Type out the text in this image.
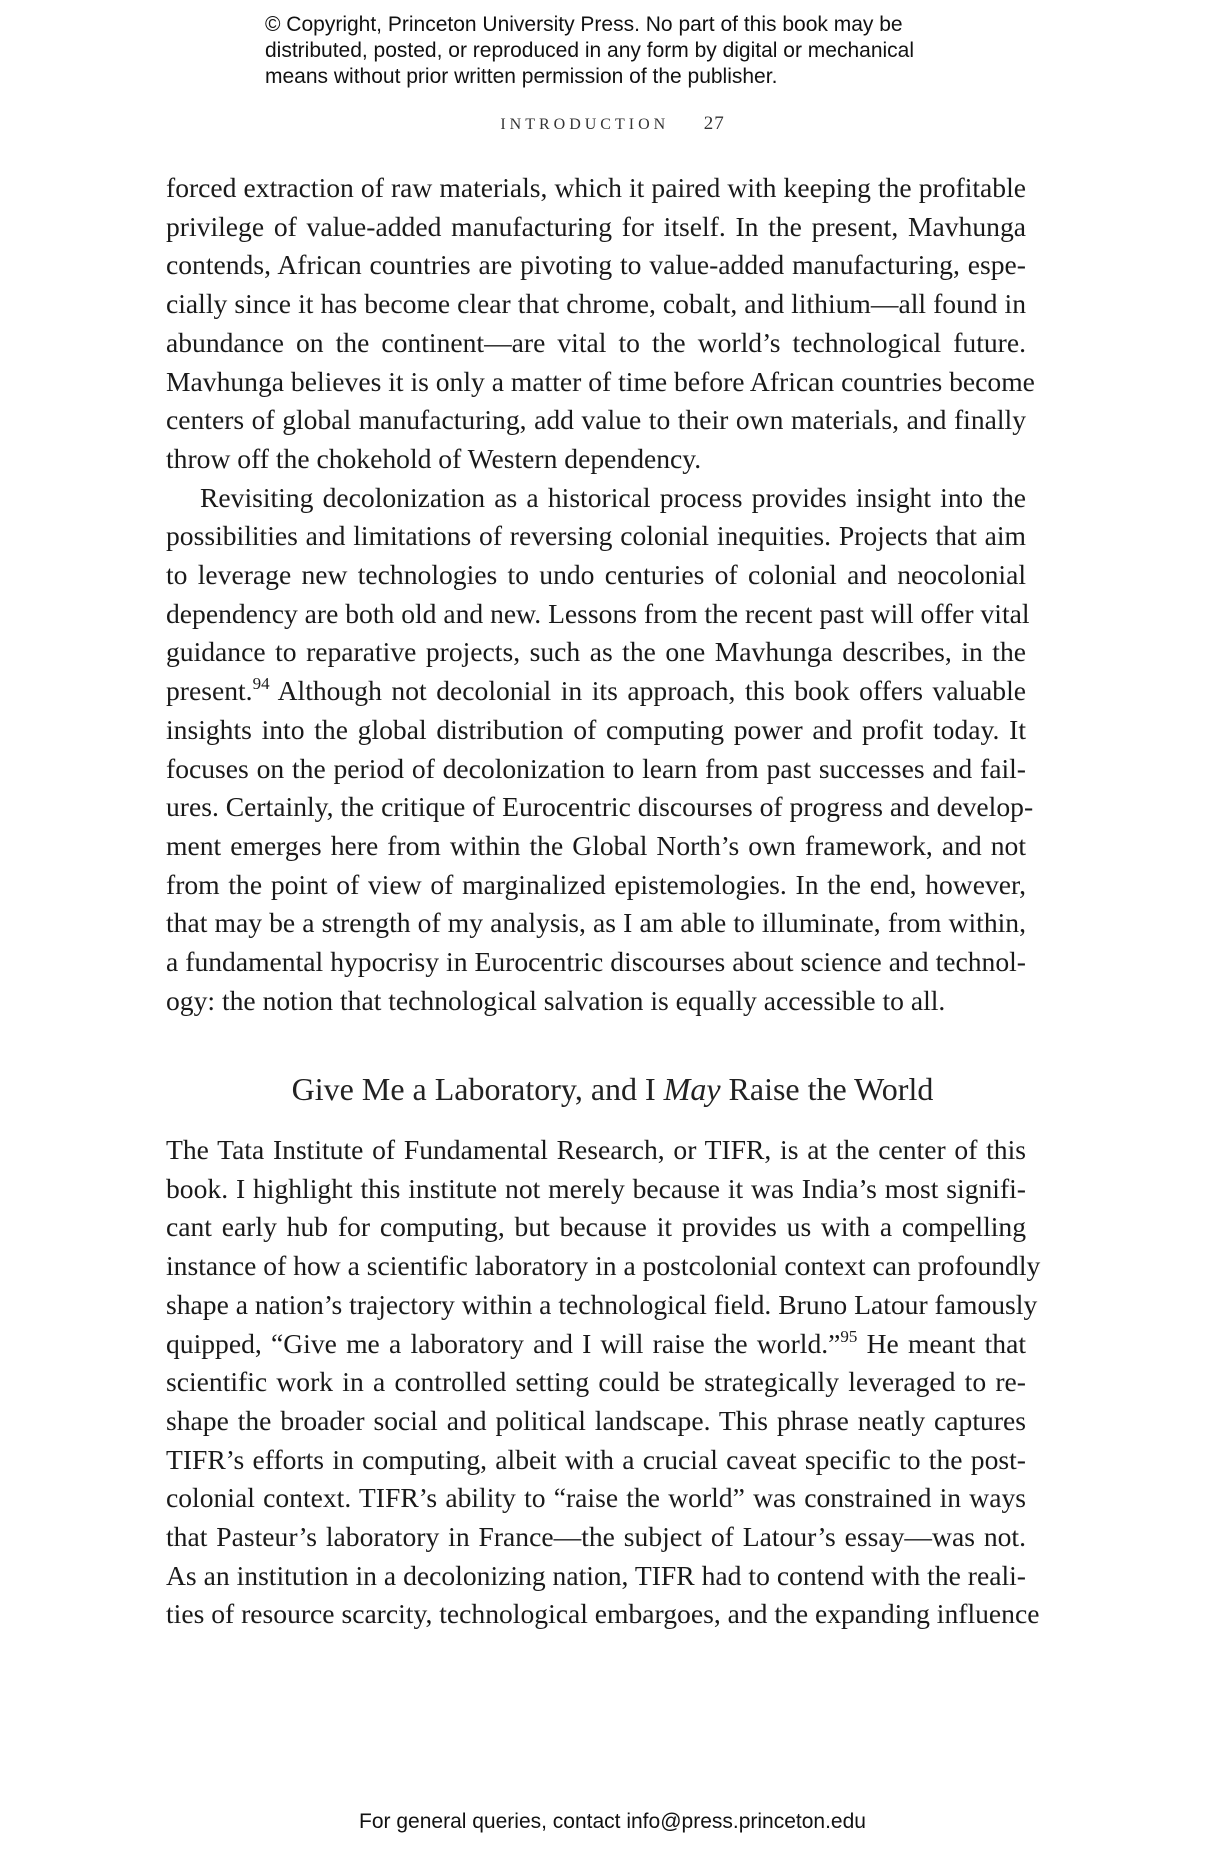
© Copyright, Princeton University Press. No part of this book may be
distributed, posted, or reproduced in any form by digital or mechanical
means without prior written permission of the publisher.
INTRODUCTION 27
forced extraction of raw materials, which it paired with keeping the profitable
privilege of value-added manufacturing for itself. In the present, Mavhunga
contends, African countries are pivoting to value-added manufacturing, espe-
cially since it has become clear that chrome, cobalt, and lithium—all found in
abundance on the continent—are vital to the world’s technological future.
Mavhunga believes it is only a matter of time before African countries become
centers of global manufacturing, add value to their own materials, and finally
throw off the chokehold of Western dependency.
Revisiting decolonization as a historical process provides insight into the
possibilities and limitations of reversing colonial inequities. Projects that aim
to leverage new technologies to undo centuries of colonial and neocolonial
dependency are both old and new. Lessons from the recent past will offer vital
guidance to reparative projects, such as the one Mavhunga describes, in the
present.$^{94}$ Although not decolonial in its approach, this book offers valuable
insights into the global distribution of computing power and profit today. It
focuses on the period of decolonization to learn from past successes and fail-
ures. Certainly, the critique of Eurocentric discourses of progress and develop-
ment emerges here from within the Global North’s own framework, and not
from the point of view of marginalized epistemologies. In the end, however,
that may be a strength of my analysis, as I am able to illuminate, from within,
a fundamental hypocrisy in Eurocentric discourses about science and technol-
ogy: the notion that technological salvation is equally accessible to all.
Give Me a Laboratory, and I May Raise the World
The Tata Institute of Fundamental Research, or TIFR, is at the center of this
book. I highlight this institute not merely because it was India’s most signifi-
cant early hub for computing, but because it provides us with a compelling
instance of how a scientific laboratory in a postcolonial context can profoundly
shape a nation’s trajectory within a technological field. Bruno Latour famously
quipped, “Give me a laboratory and I will raise the world.”$^{95}$ He meant that
scientific work in a controlled setting could be strategically leveraged to re-
shape the broader social and political landscape. This phrase neatly captures
TIFR’s efforts in computing, albeit with a crucial caveat specific to the post-
colonial context. TIFR’s ability to “raise the world” was constrained in ways
that Pasteur’s laboratory in France—the subject of Latour’s essay—was not.
As an institution in a decolonizing nation, TIFR had to contend with the reali-
ties of resource scarcity, technological embargoes, and the expanding influence
For general queries, contact info@press.princeton.edu
